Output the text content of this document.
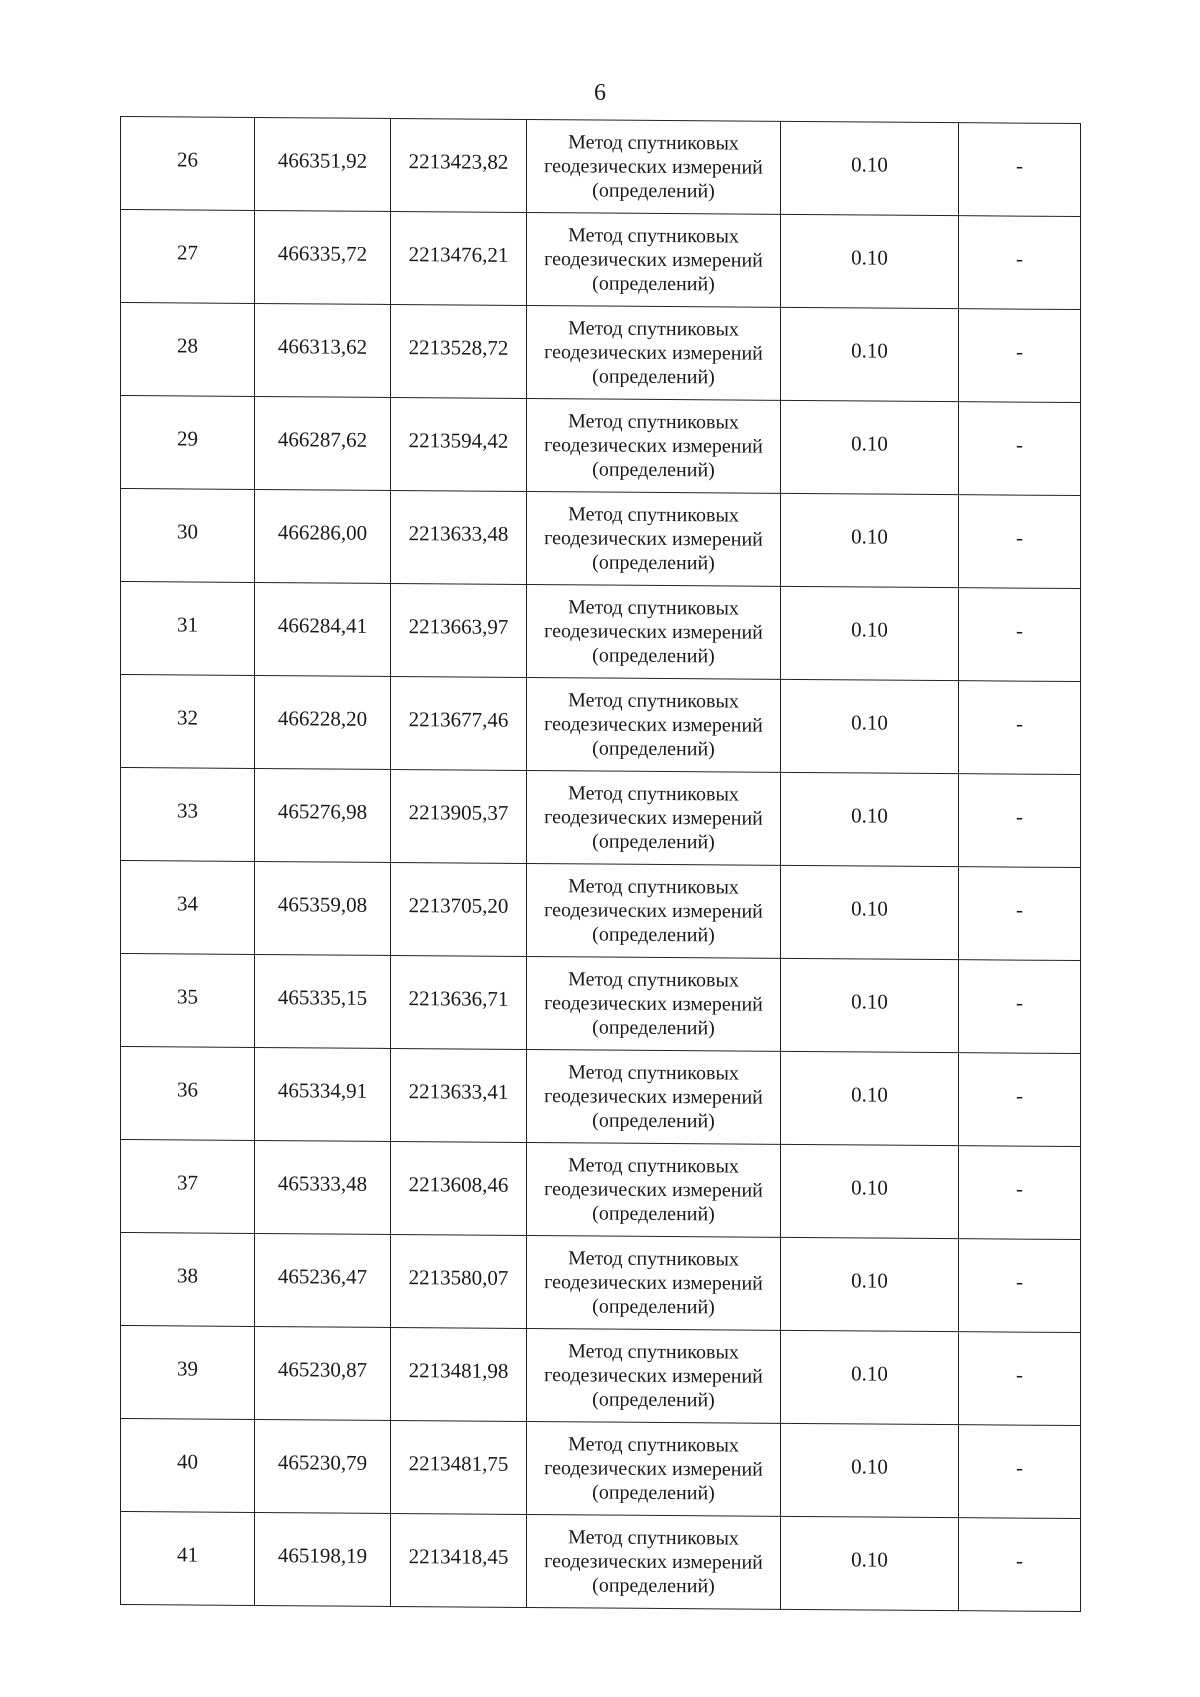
6
26	466351,92	2213423,82	Метод спутниковых
геодезических измерений
(определений)	0.10	-
27	466335,72	2213476,21	Метод спутниковых
геодезических измерений
(определений)	0.10	-
28	466313,62	2213528,72	Метод спутниковых
геодезических измерений
(определений)	0.10	-
29	466287,62	2213594,42	Метод спутниковых
геодезических измерений
(определений)	0.10	-
30	466286,00	2213633,48	Метод спутниковых
геодезических измерений
(определений)	0.10	-
31	466284,41	2213663,97	Метод спутниковых
геодезических измерений
(определений)	0.10	-
32	466228,20	2213677,46	Метод спутниковых
геодезических измерений
(определений)	0.10	-
33	465276,98	2213905,37	Метод спутниковых
геодезических измерений
(определений)	0.10	-
34	465359,08	2213705,20	Метод спутниковых
геодезических измерений
(определений)	0.10	-
35	465335,15	2213636,71	Метод спутниковых
геодезических измерений
(определений)	0.10	-
36	465334,91	2213633,41	Метод спутниковых
геодезических измерений
(определений)	0.10	-
37	465333,48	2213608,46	Метод спутниковых
геодезических измерений
(определений)	0.10	-
38	465236,47	2213580,07	Метод спутниковых
геодезических измерений
(определений)	0.10	-
39	465230,87	2213481,98	Метод спутниковых
геодезических измерений
(определений)	0.10	-
40	465230,79	2213481,75	Метод спутниковых
геодезических измерений
(определений)	0.10	-
41	465198,19	2213418,45	Метод спутниковых
геодезических измерений
(определений)	0.10	-
